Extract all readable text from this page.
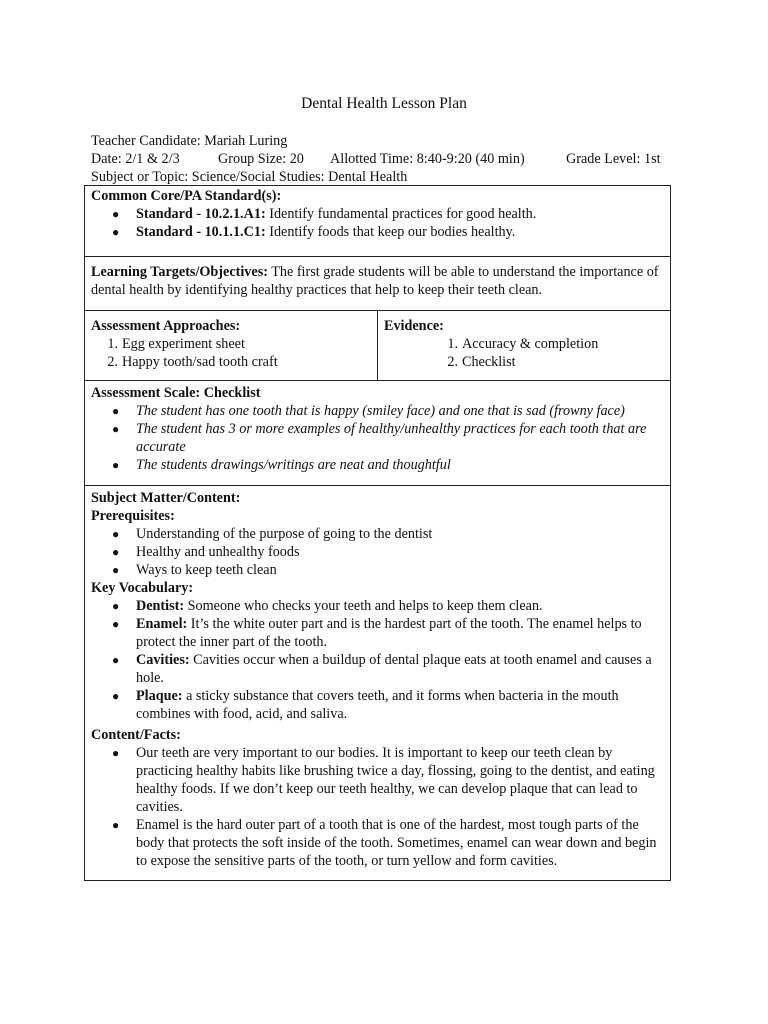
Dental Health Lesson Plan
Teacher Candidate: Mariah Luring
Date: 2/1 & 2/3	Group Size: 20	Allotted Time: 8:40-9:20 (40 min)	Grade Level: 1st
Subject or Topic: Science/Social Studies: Dental Health
Common Core/PA Standard(s):
● Standard - 10.2.1.A1: Identify fundamental practices for good health.
● Standard - 10.1.1.C1: Identify foods that keep our bodies healthy.

Learning Targets/Objectives: The first grade students will be able to understand the importance of dental health by identifying healthy practices that help to keep their teeth clean.

Assessment Approaches:
1. Egg experiment sheet
2. Happy tooth/sad tooth craft

Evidence:
1. Accuracy & completion
2. Checklist

Assessment Scale: Checklist
● The student has one tooth that is happy (smiley face) and one that is sad (frowny face)
● The student has 3 or more examples of healthy/unhealthy practices for each tooth that are accurate
● The students drawings/writings are neat and thoughtful

Subject Matter/Content:
Prerequisites:
● Understanding of the purpose of going to the dentist
● Healthy and unhealthy foods
● Ways to keep teeth clean
Key Vocabulary:
● Dentist: Someone who checks your teeth and helps to keep them clean.
● Enamel: It’s the white outer part and is the hardest part of the tooth. The enamel helps to protect the inner part of the tooth.
● Cavities: Cavities occur when a buildup of dental plaque eats at tooth enamel and causes a hole.
● Plaque: a sticky substance that covers teeth, and it forms when bacteria in the mouth combines with food, acid, and saliva.
Content/Facts:
● Our teeth are very important to our bodies. It is important to keep our teeth clean by practicing healthy habits like brushing twice a day, flossing, going to the dentist, and eating healthy foods. If we don’t keep our teeth healthy, we can develop plaque that can lead to cavities.
● Enamel is the hard outer part of a tooth that is one of the hardest, most tough parts of the body that protects the soft inside of the tooth. Sometimes, enamel can wear down and begin to expose the sensitive parts of the tooth, or turn yellow and form cavities.
